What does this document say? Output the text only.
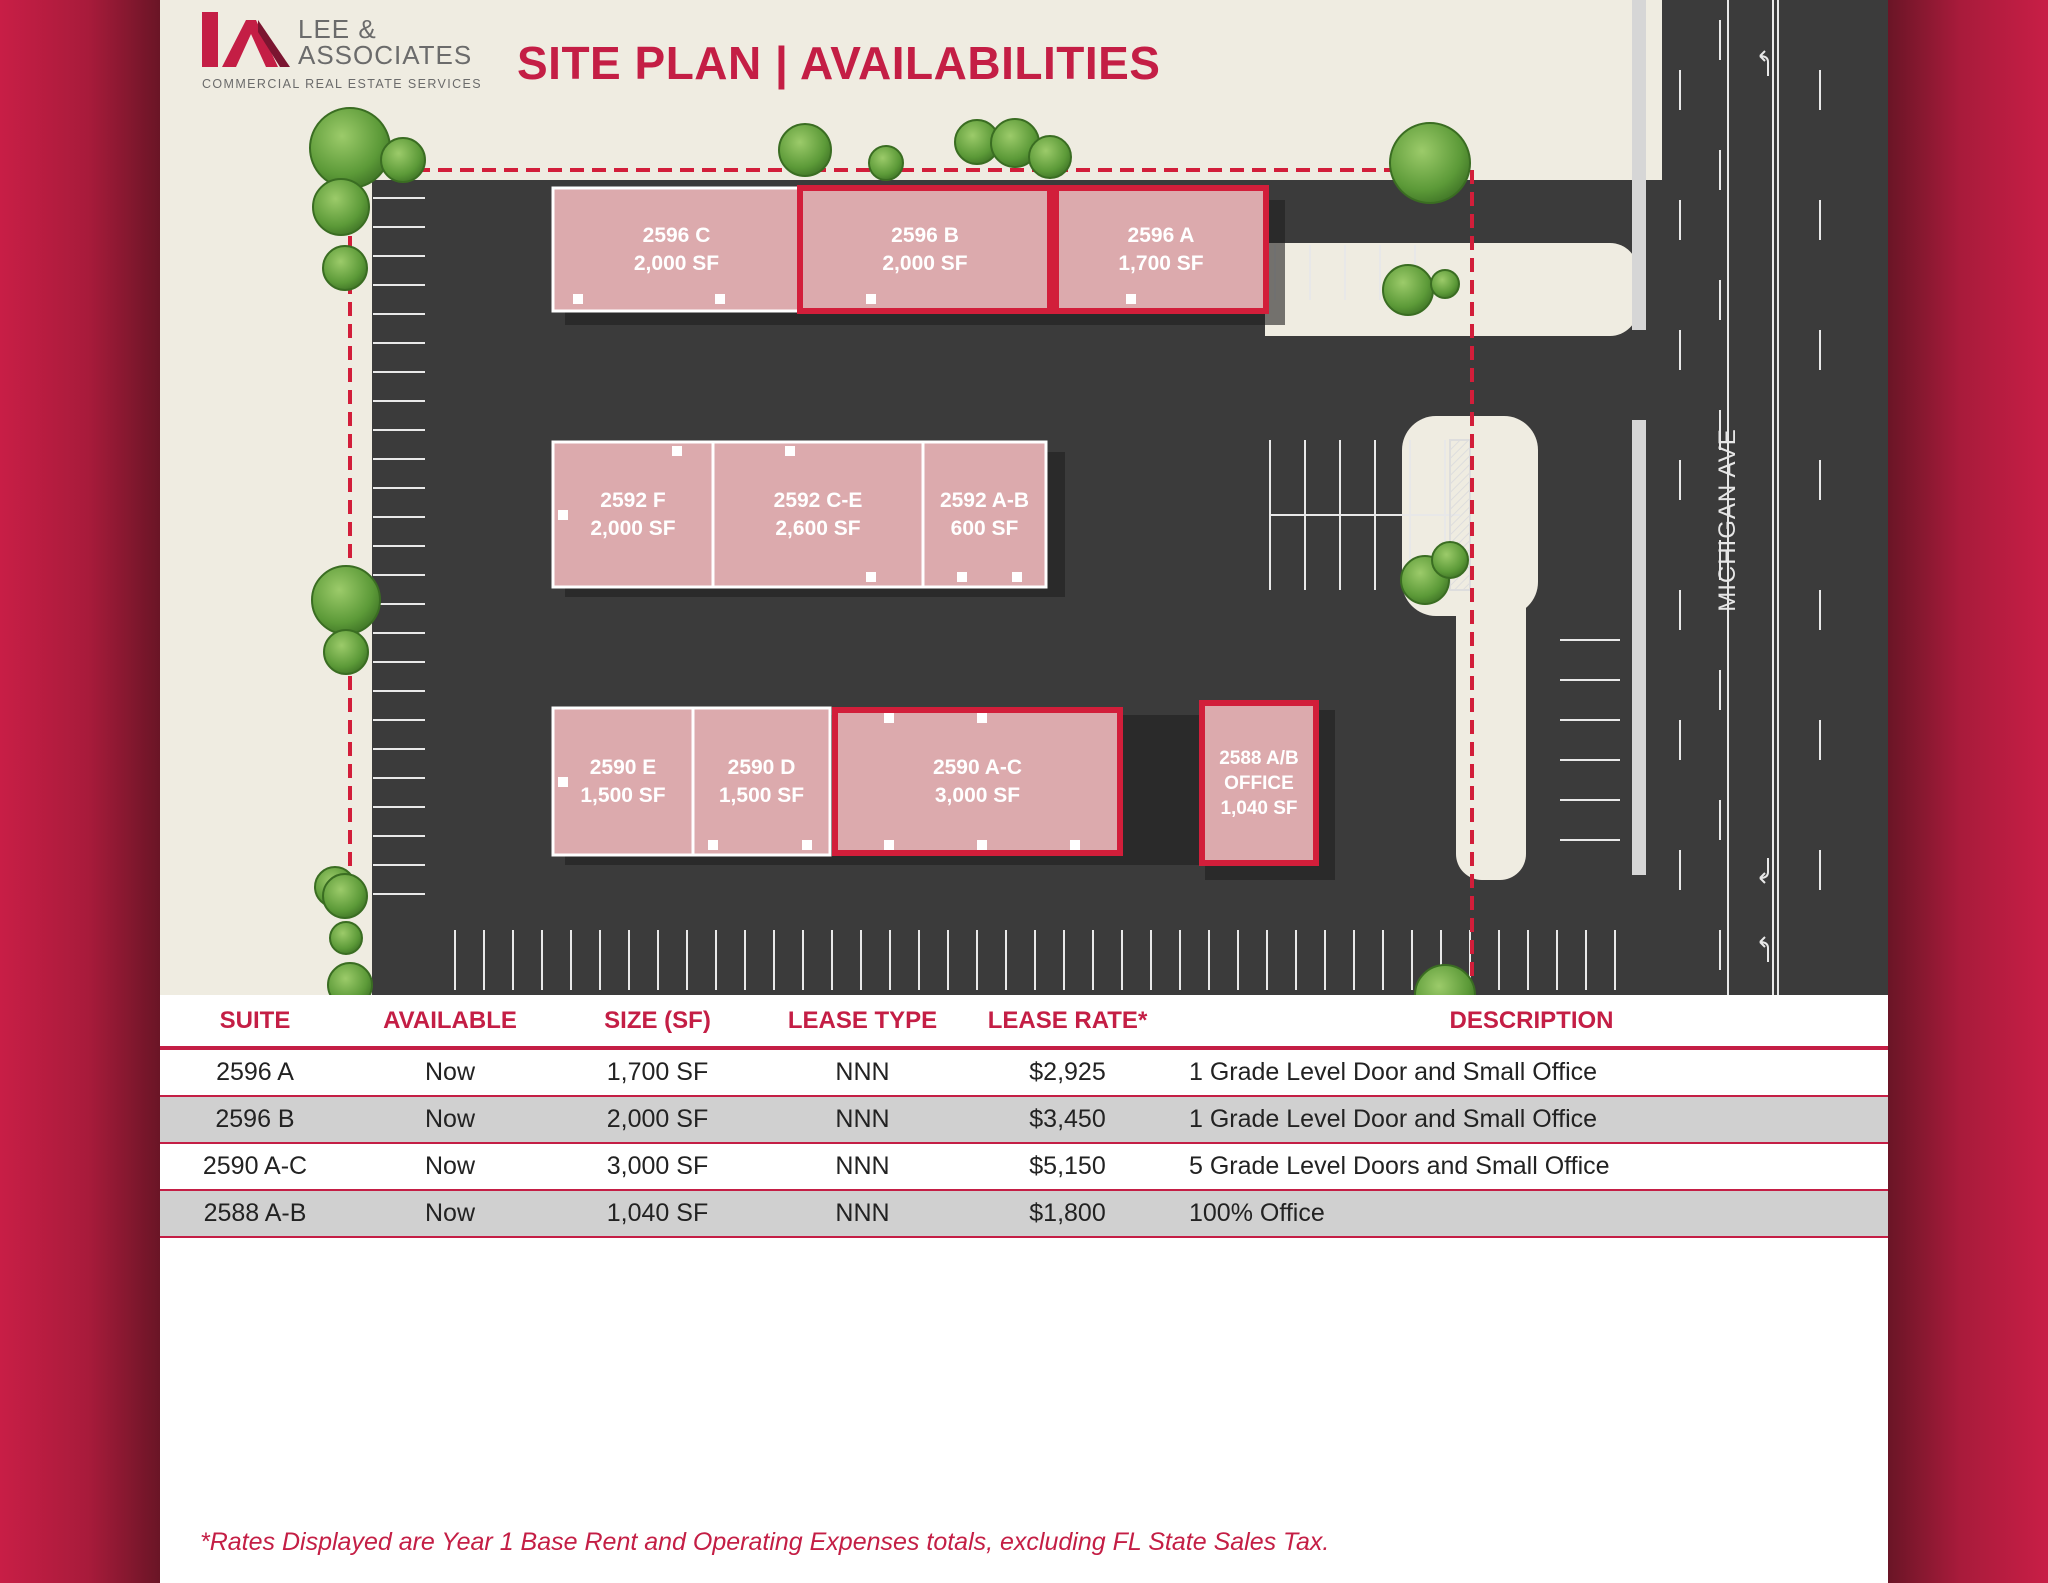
LEE &
ASSOCIATES
COMMERCIAL REAL ESTATE SERVICES SITE PLAN | AVAILABILITIES
2596 C
2,000 SF
2596 B
2,000 SF
2596 A
1,700 SF
2592 F
2,000 SF
2592 C-E
2,600 SF
2592 A-B
600 SF
2590 E
1,500 SF
2590 D
1,500 SF
2590 A-C
3,000 SF
2588 A/B
OFFICE
1,040 SF
MICHIGAN AVE
SUITE	AVAILABLE	SIZE (SF)	LEASE TYPE	LEASE RATE*	DESCRIPTION
2596 A	Now	1,700 SF	NNN	$2,925	1 Grade Level Door and Small Office
2596 B	Now	2,000 SF	NNN	$3,450	1 Grade Level Door and Small Office
2590 A-C	Now	3,000 SF	NNN	$5,150	5 Grade Level Doors and Small Office
2588 A-B	Now	1,040 SF	NNN	$1,800	100% Office
*Rates Displayed are Year 1 Base Rent and Operating Expenses totals, excluding FL State Sales Tax.
